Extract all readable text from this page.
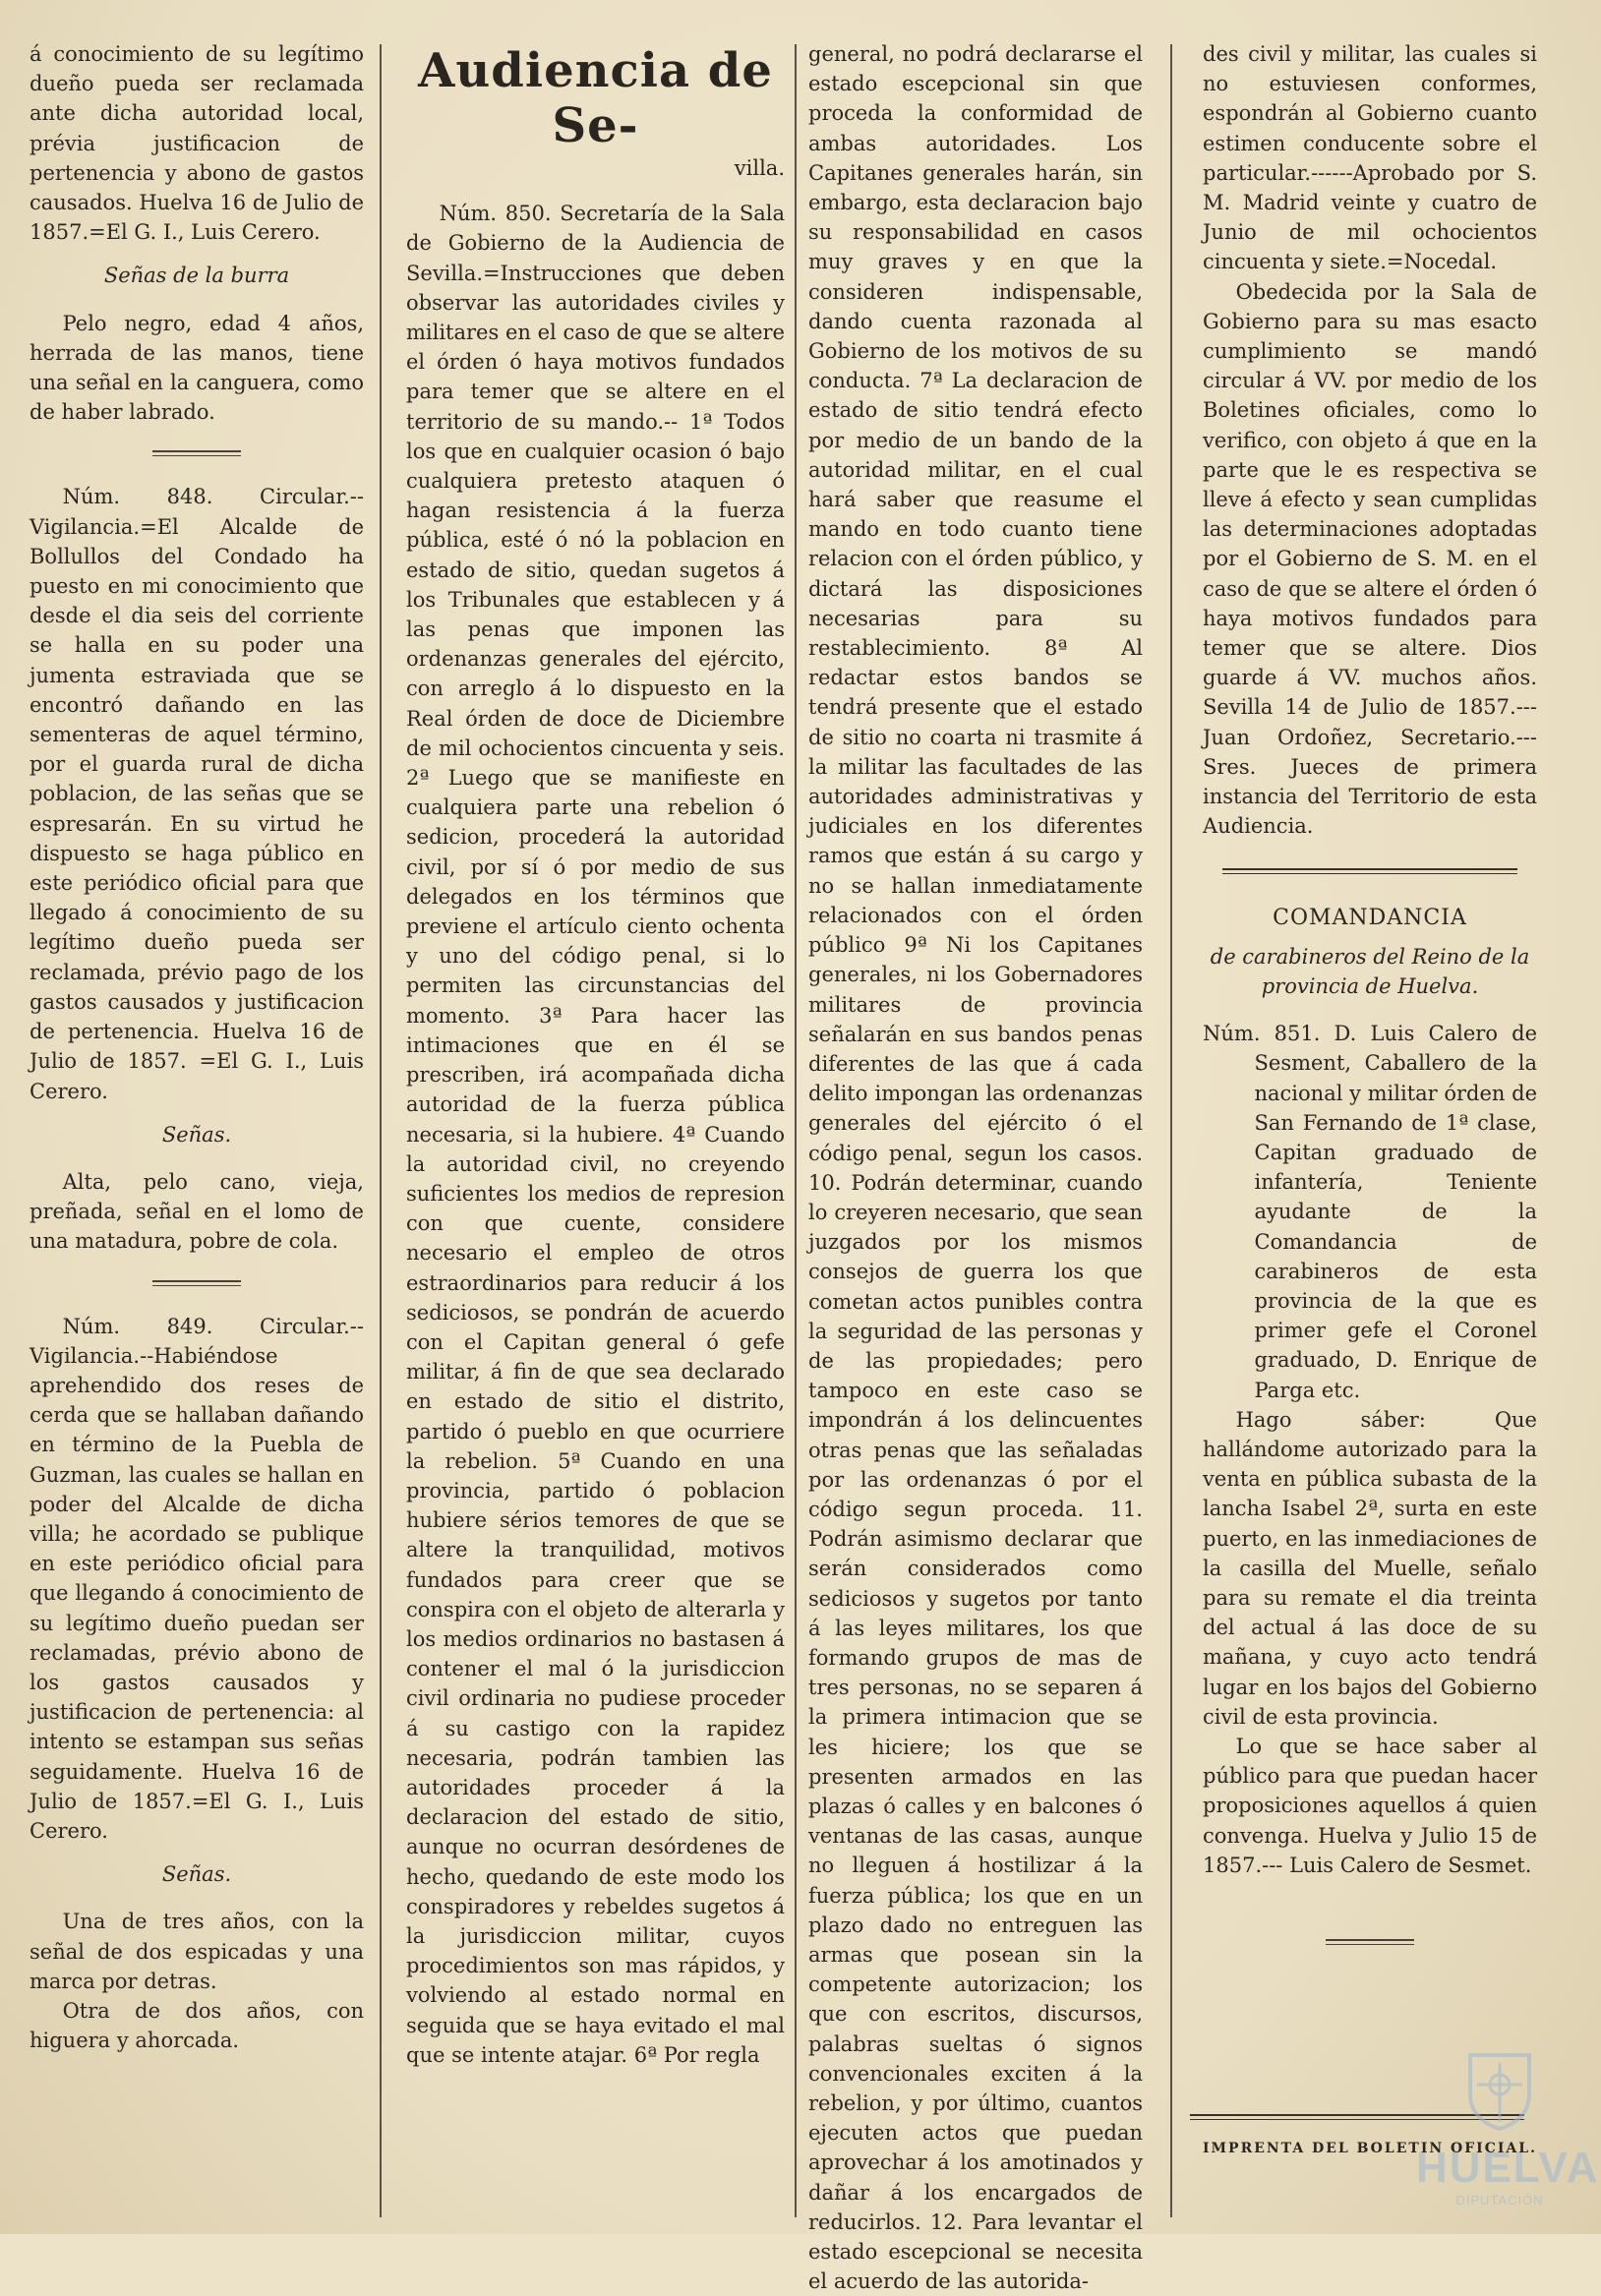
á conocimiento de su legítimo dueño pueda ser reclamada ante dicha autoridad local, prévia justificacion de pertenencia y abono de gastos causados. Huelva 16 de Julio de 1857.=El G. I., Luis Cerero.

Señas de la burra

Pelo negro, edad 4 años, herrada de las manos, tiene una señal en la canguera, como de haber labrado.

Núm. 848. Circular.--Vigilancia.=El Alcalde de Bollullos del Condado ha puesto en mi conocimiento que desde el dia seis del corriente se halla en su poder una jumenta estraviada que se encontró dañando en las sementeras de aquel término, por el guarda rural de dicha poblacion, de las señas que se espresarán. En su virtud he dispuesto se haga público en este periódico oficial para que llegado á conocimiento de su legítimo dueño pueda ser reclamada, prévio pago de los gastos causados y justificacion de pertenencia. Huelva 16 de Julio de 1857. =El G. I., Luis Cerero.

Señas.

Alta, pelo cano, vieja, preñada, señal en el lomo de una matadura, pobre de cola.

Núm. 849. Circular.--Vigilancia.--Habiéndose aprehendido dos reses de cerda que se hallaban dañando en término de la Puebla de Guzman, las cuales se hallan en poder del Alcalde de dicha villa; he acordado se publique en este periódico oficial para que llegando á conocimiento de su legítimo dueño puedan ser reclamadas, prévio abono de los gastos causados y justificacion de pertenencia: al intento se estampan sus señas seguidamente. Huelva 16 de Julio de 1857.=El G. I., Luis Cerero.

Señas.

Una de tres años, con la señal de dos espicadas y una marca por detras.

Otra de dos años, con higuera y ahorcada.

Audiencia de Se-
villa.

Núm. 850. Secretaría de la Sala de Gobierno de la Audiencia de Sevilla.=Instrucciones que deben observar las autoridades civiles y militares en el caso de que se altere el órden ó haya motivos fundados para temer que se altere en el territorio de su mando.-- 1ª Todos los que en cualquier ocasion ó bajo cualquiera pretesto ataquen ó hagan resistencia á la fuerza pública, esté ó nó la poblacion en estado de sitio, quedan sugetos á los Tribunales que establecen y á las penas que imponen las ordenanzas generales del ejército, con arreglo á lo dispuesto en la Real órden de doce de Diciembre de mil ochocientos cincuenta y seis. 2ª Luego que se manifieste en cualquiera parte una rebelion ó sedicion, procederá la autoridad civil, por sí ó por medio de sus delegados en los términos que previene el artículo ciento ochenta y uno del código penal, si lo permiten las circunstancias del momento. 3ª Para hacer las intimaciones que en él se prescriben, irá acompañada dicha autoridad de la fuerza pública necesaria, si la hubiere. 4ª Cuando la autoridad civil, no creyendo suficientes los medios de represion con que cuente, considere necesario el empleo de otros estraordinarios para reducir á los sediciosos, se pondrán de acuerdo con el Capitan general ó gefe militar, á fin de que sea declarado en estado de sitio el distrito, partido ó pueblo en que ocurriere la rebelion. 5ª Cuando en una provincia, partido ó poblacion hubiere sérios temores de que se altere la tranquilidad, motivos fundados para creer que se conspira con el objeto de alterarla y los medios ordinarios no bastasen á contener el mal ó la jurisdiccion civil ordinaria no pudiese proceder á su castigo con la rapidez necesaria, podrán tambien las autoridades proceder á la declaracion del estado de sitio, aunque no ocurran desórdenes de hecho, quedando de este modo los conspiradores y rebeldes sugetos á la jurisdiccion militar, cuyos procedimientos son mas rápidos, y volviendo al estado normal en seguida que se haya evitado el mal que se intente atajar. 6ª Por regla

general, no podrá declararse el estado escepcional sin que proceda la conformidad de ambas autoridades. Los Capitanes generales harán, sin embargo, esta declaracion bajo su responsabilidad en casos muy graves y en que la consideren indispensable, dando cuenta razonada al Gobierno de los motivos de su conducta. 7ª La declaracion de estado de sitio tendrá efecto por medio de un bando de la autoridad militar, en el cual hará saber que reasume el mando en todo cuanto tiene relacion con el órden público, y dictará las disposiciones necesarias para su restablecimiento. 8ª Al redactar estos bandos se tendrá presente que el estado de sitio no coarta ni trasmite á la militar las facultades de las autoridades administrativas y judiciales en los diferentes ramos que están á su cargo y no se hallan inmediatamente relacionados con el órden público 9ª Ni los Capitanes generales, ni los Gobernadores militares de provincia señalarán en sus bandos penas diferentes de las que á cada delito impongan las ordenanzas generales del ejército ó el código penal, segun los casos. 10. Podrán determinar, cuando lo creyeren necesario, que sean juzgados por los mismos consejos de guerra los que cometan actos punibles contra la seguridad de las personas y de las propiedades; pero tampoco en este caso se impondrán á los delincuentes otras penas que las señaladas por las ordenanzas ó por el código segun proceda. 11. Podrán asimismo declarar que serán considerados como sediciosos y sugetos por tanto á las leyes militares, los que formando grupos de mas de tres personas, no se separen á la primera intimacion que se les hiciere; los que se presenten armados en las plazas ó calles y en balcones ó ventanas de las casas, aunque no lleguen á hostilizar á la fuerza pública; los que en un plazo dado no entreguen las armas que posean sin la competente autorizacion; los que con escritos, discursos, palabras sueltas ó signos convencionales exciten á la rebelion, y por último, cuantos ejecuten actos que puedan aprovechar á los amotinados y dañar á los encargados de reducirlos. 12. Para levantar el estado escepcional se necesita el acuerdo de las autorida-

des civil y militar, las cuales si no estuviesen conformes, espondrán al Gobierno cuanto estimen conducente sobre el particular.------Aprobado por S. M. Madrid veinte y cuatro de Junio de mil ochocientos cincuenta y siete.=Nocedal.

Obedecida por la Sala de Gobierno para su mas esacto cumplimiento se mandó circular á VV. por medio de los Boletines oficiales, como lo verifico, con objeto á que en la parte que le es respectiva se lleve á efecto y sean cumplidas las determinaciones adoptadas por el Gobierno de S. M. en el caso de que se altere el órden ó haya motivos fundados para temer que se altere. Dios guarde á VV. muchos años. Sevilla 14 de Julio de 1857.---Juan Ordoñez, Secretario.--- Sres. Jueces de primera instancia del Territorio de esta Audiencia.

COMANDANCIA
de carabineros del Reino de la provincia de Huelva.

Núm. 851. D. Luis Calero de Sesment, Caballero de la nacional y militar órden de San Fernando de 1ª clase, Capitan graduado de infantería, Teniente ayudante de la Comandancia de carabineros de esta provincia de la que es primer gefe el Coronel graduado, D. Enrique de Parga etc.

Hago sáber: Que hallándome autorizado para la venta en pública subasta de la lancha Isabel 2ª, surta en este puerto, en las inmediaciones de la casilla del Muelle, señalo para su remate el dia treinta del actual á las doce de su mañana, y cuyo acto tendrá lugar en los bajos del Gobierno civil de esta provincia.

Lo que se hace saber al público para que puedan hacer proposiciones aquellos á quien convenga. Huelva y Julio 15 de 1857.--- Luis Calero de Sesmet.

IMPRENTA DEL BOLETIN OFICIAL.
HUELVA
DIPUTACIÓN
